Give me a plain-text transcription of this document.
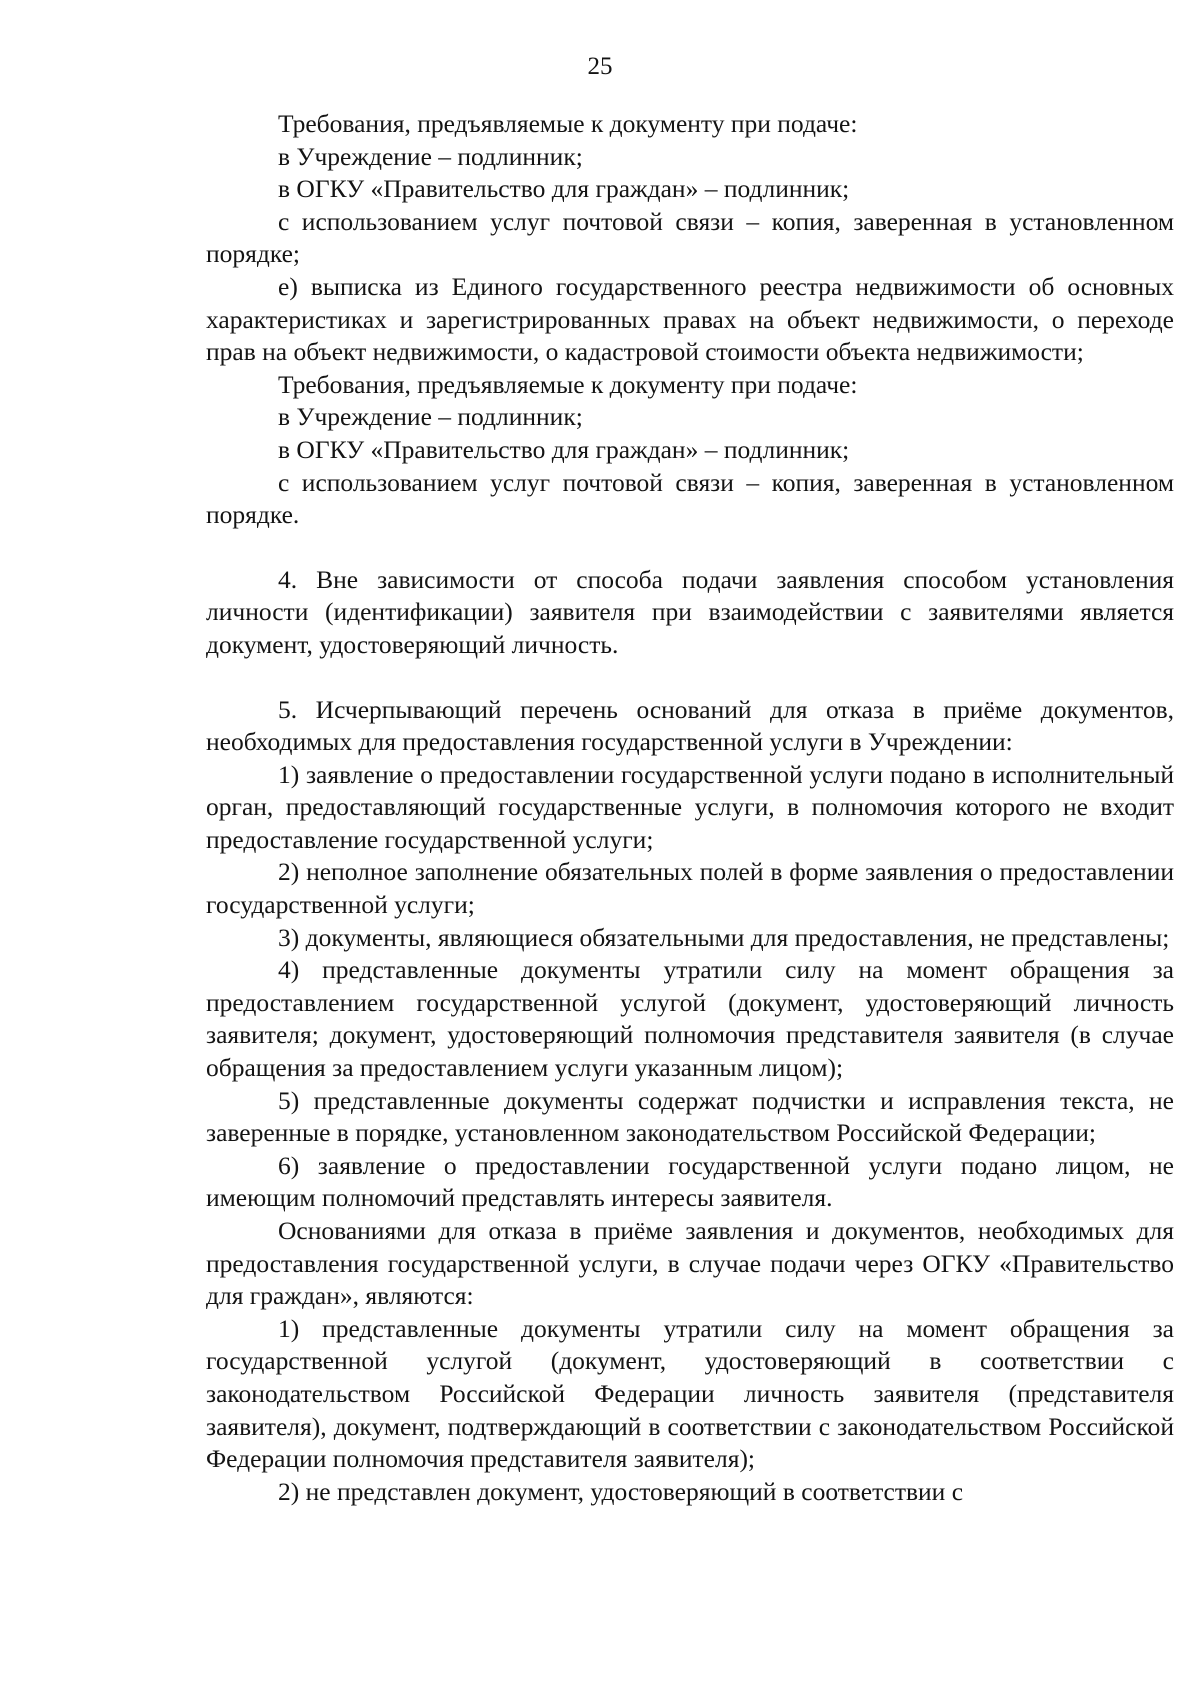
25

Требования, предъявляемые к документу при подаче:

в Учреждение – подлинник;

в ОГКУ «Правительство для граждан» – подлинник;

с использованием услуг почтовой связи – копия, заверенная в установленном порядке;

е) выписка из Единого государственного реестра недвижимости об основных характеристиках и зарегистрированных правах на объект недвижимости, о переходе прав на объект недвижимости, о кадастровой стоимости объекта недвижимости;

Требования, предъявляемые к документу при подаче:

в Учреждение – подлинник;

в ОГКУ «Правительство для граждан» – подлинник;

с использованием услуг почтовой связи – копия, заверенная в установленном порядке.

4. Вне зависимости от способа подачи заявления способом установления личности (идентификации) заявителя при взаимодействии с заявителями является документ, удостоверяющий личность.

5. Исчерпывающий перечень оснований для отказа в приёме документов, необходимых для предоставления государственной услуги в Учреждении:

1) заявление о предоставлении государственной услуги подано в исполнительный орган, предоставляющий государственные услуги, в полномочия которого не входит предоставление государственной услуги;

2) неполное заполнение обязательных полей в форме заявления о предоставлении государственной услуги;

3) документы, являющиеся обязательными для предоставления, не представлены;

4) представленные документы утратили силу на момент обращения за предоставлением государственной услугой (документ, удостоверяющий личность заявителя; документ, удостоверяющий полномочия представителя заявителя (в случае обращения за предоставлением услуги указанным лицом);

5) представленные документы содержат подчистки и исправления текста, не заверенные в порядке, установленном законодательством Российской Федерации;

6) заявление о предоставлении государственной услуги подано лицом, не имеющим полномочий представлять интересы заявителя.

Основаниями для отказа в приёме заявления и документов, необходимых для предоставления государственной услуги, в случае подачи через ОГКУ «Правительство для граждан», являются:

1) представленные документы утратили силу на момент обращения за государственной услугой (документ, удостоверяющий в соответствии с законодательством Российской Федерации личность заявителя (представителя заявителя), документ, подтверждающий в соответствии с законодательством Российской Федерации полномочия представителя заявителя);

2) не представлен документ, удостоверяющий в соответствии с
